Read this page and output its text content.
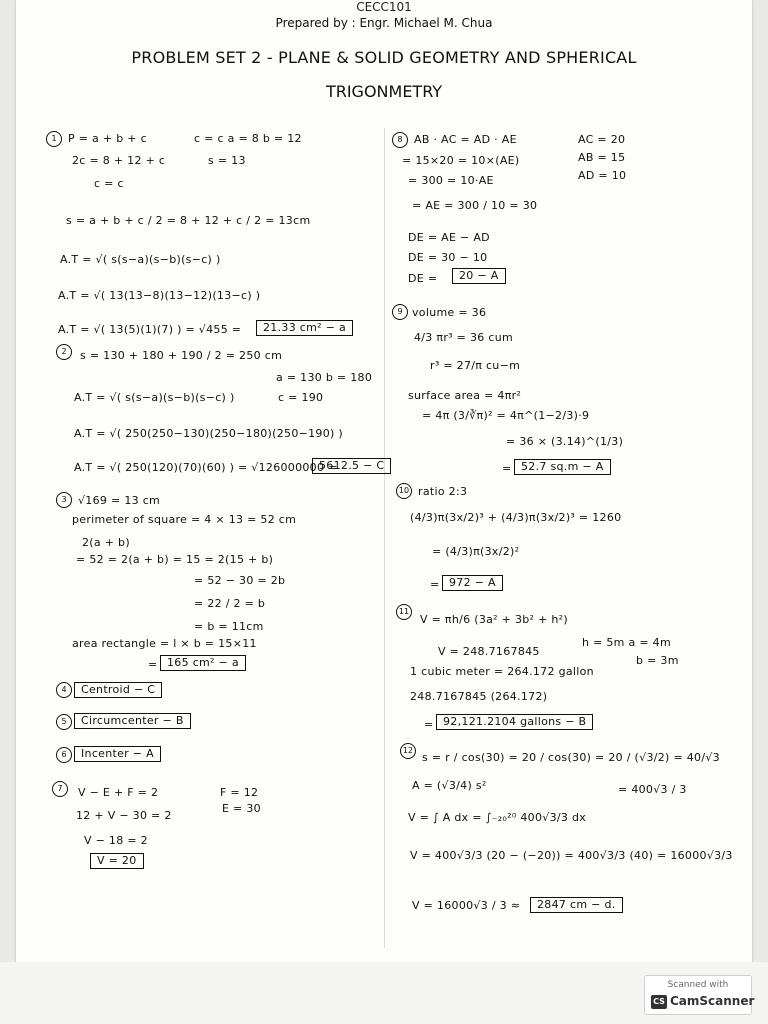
CECC101
Prepared by : Engr. Michael M. Chua
PROBLEM SET 2 - PLANE & SOLID GEOMETRY AND SPHERICAL
TRIGONMETRY
1	P = a + b + c	c = c a = 8 b = 12
2c = 8 + 12 + c	s = 13
c = c
s = a + b + c / 2 = 8 + 12 + c / 2 = 13cm
A.T = √( s(s−a)(s−b)(s−c) )
A.T = √( 13(13−8)(13−12)(13−c) )
A.T = √( 13(5)(1)(7) ) = √455 =	21.33 cm² − a
2	s = 130 + 180 + 190 / 2 = 250 cm
a = 130 b = 180
A.T = √( s(s−a)(s−b)(s−c) )	c = 190
A.T = √( 250(250−130)(250−180)(250−190) )
A.T = √( 250(120)(70)(60) ) = √126000000 =
5612.5 − C
3	√169 = 13 cm
perimeter of square = 4 × 13 = 52 cm
2(a + b)
= 52 = 2(a + b) = 15 = 2(15 + b)
= 52 − 30 = 2b
= 22 / 2 = b
= b = 11cm
area rectangle = l × b = 15×11
= 165 cm² − a
4	Centroid − C
5	Circumcenter − B
6	Incenter − A
7	V − E + F = 2	F = 12
E = 30
12 + V − 30 = 2
V − 18 = 2
V = 20
8	AB · AC = AD · AE	AC = 20
= 15×20 = 10×(AE)	AB = 15
AD = 10
= 300 = 10·AE
= AE = 300 / 10 = 30
DE = AE − AD
DE = 30 − 10
DE =	20 − A
9 volume = 36
4/3 πr³ = 36 cum
r³ = 27/π cu−m
surface area = 4πr²
= 4π (3/∛π)² = 4π^(1−2/3)·9
= 36 × (3.14)^(1/3)
= 52.7 sq.m − A
10 ratio 2:3
(4/3)π(3x/2)³ + (4/3)π(3x/2)³ = 1260
= (4/3)π(3x/2)²
= 972 − A
11
V = πh/6 (3a² + 3b² + h²)
h = 5m a = 4m
b = 3m
V = 248.7167845
1 cubic meter = 264.172 gallon
248.7167845 (264.172)
= 92,121.2104 gallons − B
12
s = r / cos(30) = 20 / cos(30) = 20 / (√3/2) = 40/√3
A = (√3/4) s²	= 400√3 / 3
V = ∫ A dx = ∫₋₂₀²⁰ 400√3/3 dx
V = 400√3/3 (20 − (−20)) = 400√3/3 (40) = 16000√3/3
V = 16000√3 / 3 ≈	2847 cm − d.
Scanned with
CS CamScanner
